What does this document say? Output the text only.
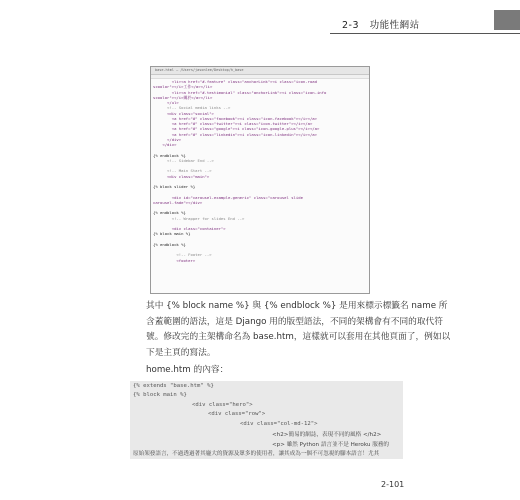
2-3 功能性網站
base.html — /Users/jasonlee/Desktop/h_base
<li><a href="#.feature" class="anchorLink"><i class="icon-road
scoolor"></i>工作</a></li>
<li><a href="#.testimonial" class="anchorLink"><i class="icon-info
scoolor"></i>關於</a></li>
</ul>
<!-- Social media links -->
<div class="social">
<a href="#" class="facebook"><i class="icon-facebook"></i></a>
<a href="#" class="twitter"><i class="icon-twitter"></i></a>
<a href="#" class="google"><i class="icon-google-plus"></i></a>
<a href="#" class="linkedin"><i class="icon-linkedin"></i></a>
</div>
</div>
{% endblock %}
<!-- Sidebar End -->
<!-- Main Start -->
<div class="main">
{% block slider %}
<div id="carousel-example-generic" class="carousel slide
carousel-fade"></div>
{% endblock %}
<!-- Wrapper for slides End -->
<div class="container">
{% block main %}
{% endblock %}
<!-- Footer -->
<footer>
其中 {% block name %} 與 {% endblock %} 是用來標示標籤名 name 所
含蓋範圍的語法，這是 Django 用的版型語法，不同的架構會有不同的取代符
號。修改完的主架構命名為 base.htm，這樣就可以套用在其他頁面了，例如以
下是主頁的寫法。
home.htm 的內容：
{% extends "base.htm" %}
{% block main %}
<div class="hero">
<div class="row">
<div class="col-md-12">
<h2>簡易的網誌，表現不同的風格 </h2>
<p> 雖然 Python 語言並不是 Heroku 服務的
原始架發語言，不過透過著其龐大的資源及眾多的使用者，讓其成為一個不可忽視的腳本語言！尤其
2-101
